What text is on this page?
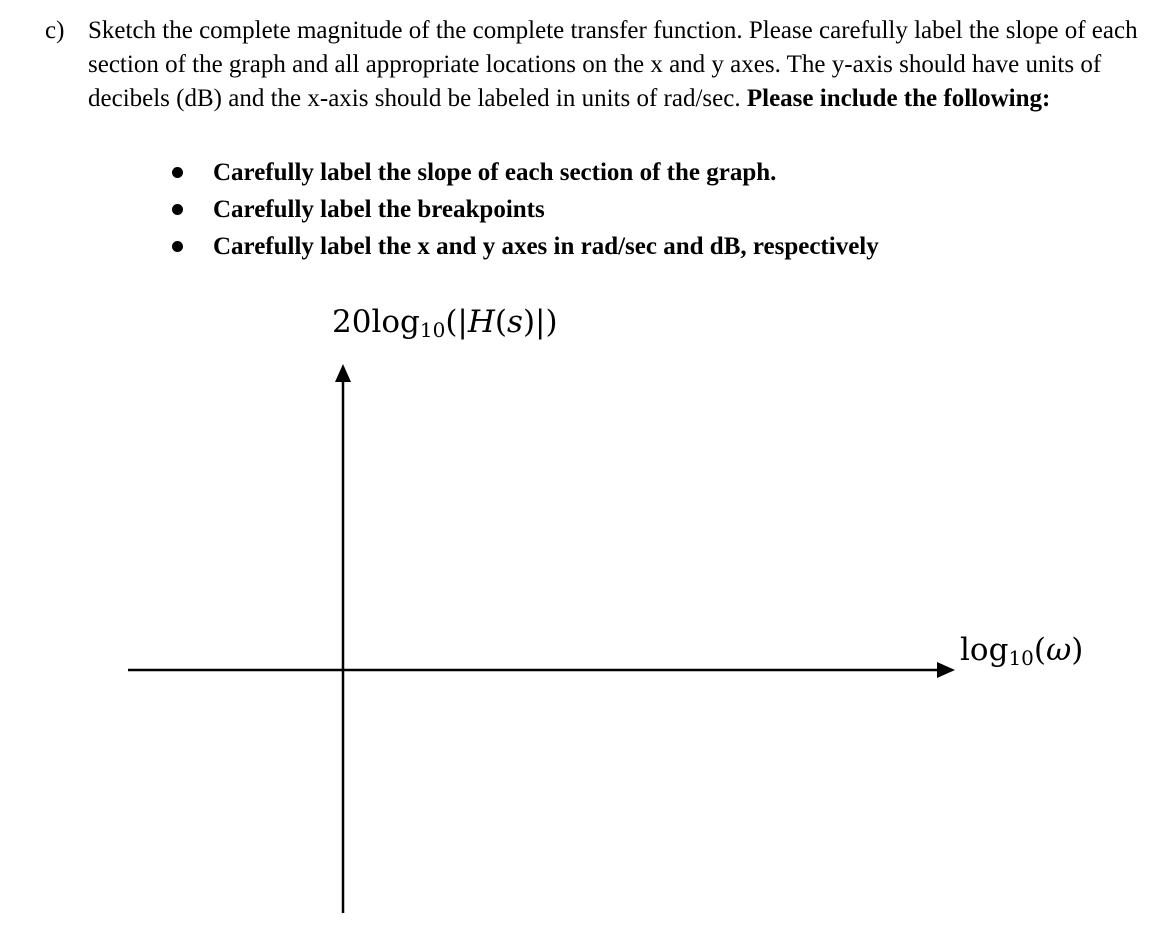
c) Sketch the complete magnitude of the complete transfer function. Please carefully label the slope of each section of the graph and all appropriate locations on the x and y axes. The y-axis should have units of decibels (dB) and the x-axis should be labeled in units of rad/sec. Please include the following:
Carefully label the slope of each section of the graph.
Carefully label the breakpoints
Carefully label the x and y axes in rad/sec and dB, respectively
$20\log_{10}(|H(s)|)$
$\log_{10}(\omega)$
